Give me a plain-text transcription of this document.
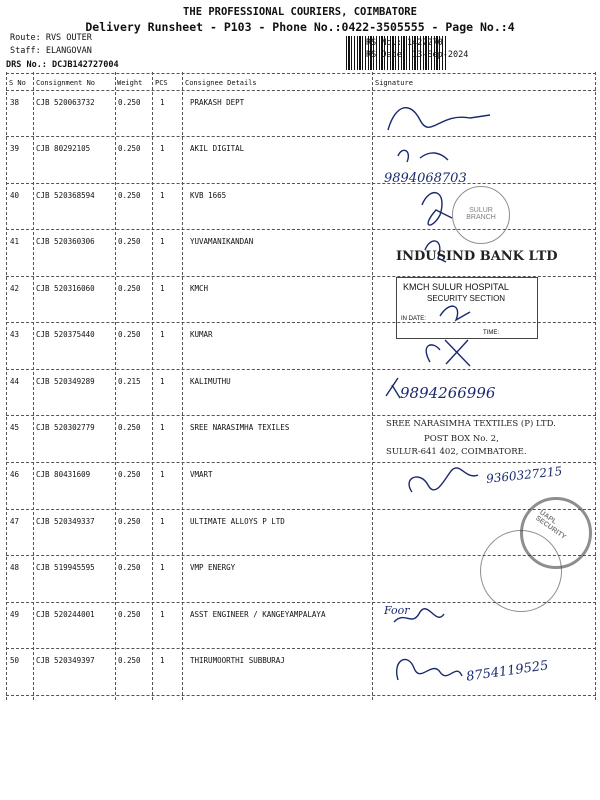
THE PROFESSIONAL COURIERS, COIMBATORE
Delivery Runsheet - P103 - Phone No.:0422-3505555 - Page No.:4
Route: RVS OUTER
Staff: ELANGOVAN
DRS No.: DCJB142727004
RS No.: 1427270
RS Date: 13-Sep-2024
S No Consignment No	Weight PCS Consignee Details	Signature
38 CJB 520063732	0.250	1	PRAKASH DEPT
39 CJB 80292105	0.250	1	AKIL DIGITAL
40 CJB 520368594	0.250	1	KVB 1665
41 CJB 520360306	0.250	1	YUVAMANIKANDAN
42 CJB 520316060	0.250	1	KMCH
43 CJB 520375440	0.250	1	KUMAR
44 CJB 520349289	0.215	1	KALIMUTHU
45 CJB 520302779	0.250	1	SREE NARASIMHA TEXILES
46 CJB 80431609	0.250	1	VMART
47 CJB 520349337	0.250	1	ULTIMATE ALLOYS P LTD
48 CJB 519945595	0.250	1	VMP ENERGY
49 CJB 520244001	0.250	1	ASST ENGINEER / KANGEYAMPALAYA
50 CJB 520349397	0.250	1	THIRUMOORTHI SUBBURAJ
9894068703
SULUR BRANCH
INDUSIND BANK LTD
KMCH SULUR HOSPITAL
SECURITY SECTION
IN DATE:
TIME:
9894266996
SREE NARASIMHA TEXTILES (P) LTD.
POST BOX No. 2,
SULUR-641 402, COIMBATORE.
9360327215
UAPL SECURITY
Foor
8754119525
